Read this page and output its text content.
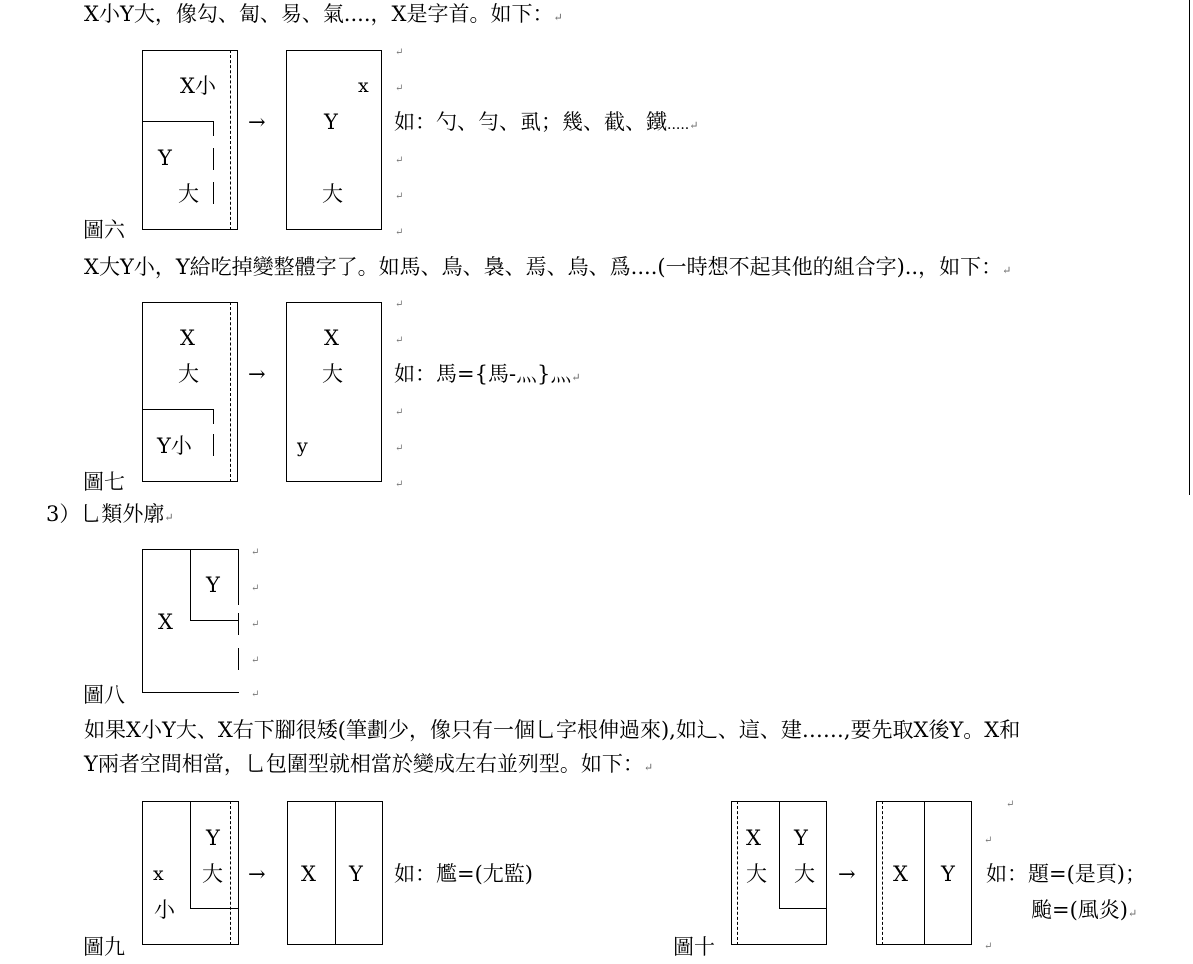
X小Y大，像勾、匐、易、氣....，X是字首。如下：↵
X小
Y
大
→
x
Y
大
如：勺、勻、虱；幾、截、鐵.....↵
圖六
X大Y小，Y給吃掉變整體字了。如馬、鳥、裊、焉、烏、爲....(一時想不起其他的組合字)..，如下：↵
X
大
Y小
→
X
大
y
如：馬={馬-灬}灬↵
圖七
3）乚類外廓↵
Y
X
圖八
如果X小Y大、X右下腳很矮(筆劃少，像只有一個乚字根伸過來),如辶、這、建……,要先取X後Y。X和
Y兩者空間相當，乚包圍型就相當於變成左右並列型。如下：↵
Y
x 大
小
→ X Y 如：尷=(尢監)
圖九
X Y
大 大 → X Y 如：題=(是頁)；
颱=(風炎)↵
圖十
↵
↵
↵
↵
↵
↵
↵
↵
↵
↵
↵
↵
↵
↵
↵
↵
↵
↵
